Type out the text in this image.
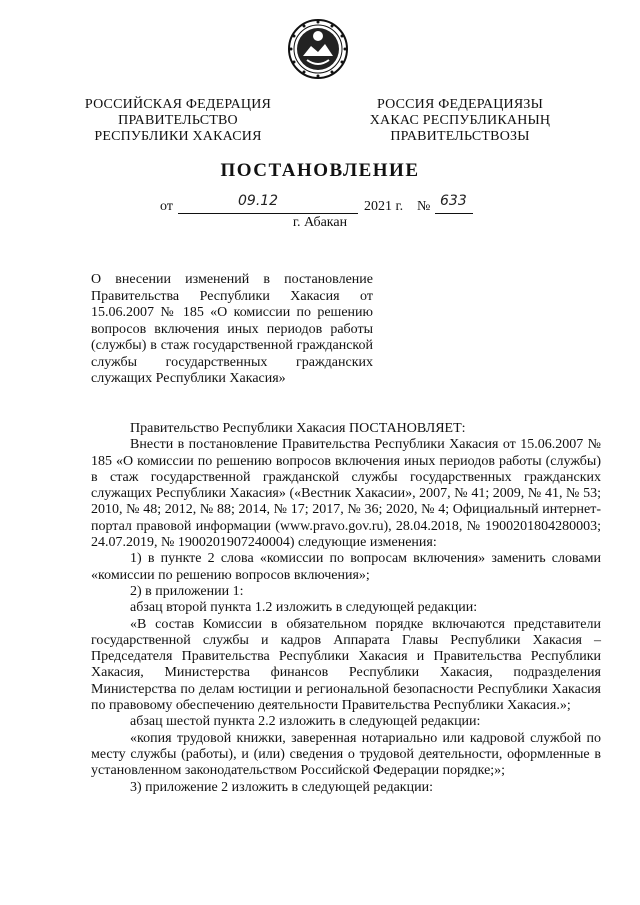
РОССИЙСКАЯ ФЕДЕРАЦИЯ
ПРАВИТЕЛЬСТВО
РЕСПУБЛИКИ ХАКАСИЯ
РОССИЯ ФЕДЕРАЦИЯЗЫ
ХАКАС РЕСПУБЛИКАНЫҢ
ПРАВИТЕЛЬСТВОЗЫ
ПОСТАНОВЛЕНИЕ
от	09.12	2021 г. № 633
г. Абакан
О внесении изменений в постановление Правительства Республики Хакасия от 15.06.2007 № 185 «О комиссии по решению вопросов включения иных периодов работы (службы) в стаж государственной гражданской службы государственных гражданских служащих Республики Хакасия»

Правительство Республики Хакасия ПОСТАНОВЛЯЕТ:

Внести в постановление Правительства Республики Хакасия от 15.06.2007 № 185 «О комиссии по решению вопросов включения иных периодов работы (службы) в стаж государственной гражданской службы государственных гражданских служащих Республики Хакасия» («Вестник Хакасии», 2007, № 41; 2009, № 41, № 53; 2010, № 48; 2012, № 88; 2014, № 17; 2017, № 36; 2020, № 4; Официальный интернет-портал правовой информации (www.pravo.gov.ru), 28.04.2018, № 1900201804280003; 24.07.2019, № 1900201907240004) следующие изменения:

1) в пункте 2 слова «комиссии по вопросам включения» заменить словами «комиссии по решению вопросов включения»;

2) в приложении 1:

абзац второй пункта 1.2 изложить в следующей редакции:

«В состав Комиссии в обязательном порядке включаются представители государственной службы и кадров Аппарата Главы Республики Хакасия – Председателя Правительства Республики Хакасия и Правительства Республики Хакасия, Министерства финансов Республики Хакасия, подразделения Министерства по делам юстиции и региональной безопасности Республики Хакасия по правовому обеспечению деятельности Правительства Республики Хакасия.»;

абзац шестой пункта 2.2 изложить в следующей редакции:

«копия трудовой книжки, заверенная нотариально или кадровой службой по месту службы (работы), и (или) сведения о трудовой деятельности, оформленные в установленном законодательством Российской Федерации порядке;»;

3) приложение 2 изложить в следующей редакции:
